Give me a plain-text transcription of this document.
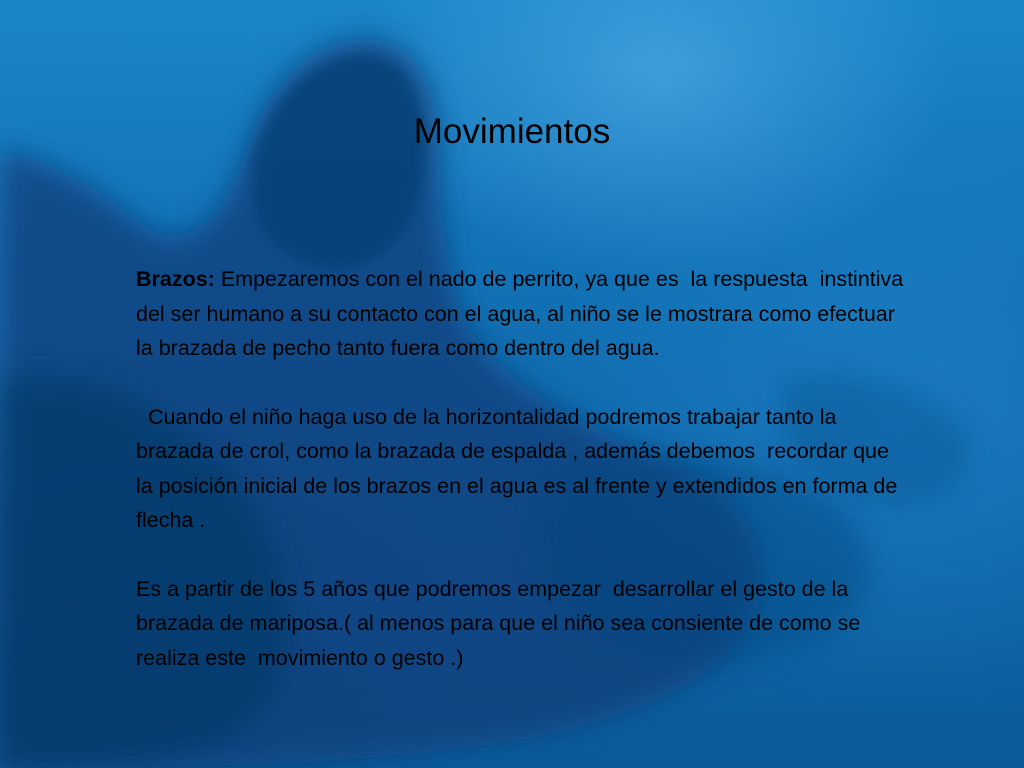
Movimientos

Brazos: Empezaremos con el nado de perrito, ya que es  la respuesta  instintiva del ser humano a su contacto con el agua, al niño se le mostrara como efectuar  la brazada de pecho tanto fuera como dentro del agua.

Cuando el niño haga uso de la horizontalidad podremos trabajar tanto la brazada de crol, como la brazada de espalda , además debemos  recordar que la posición inicial de los brazos en el agua es al frente y extendidos en forma de flecha .

Es a partir de los 5 años que podremos empezar  desarrollar el gesto de la brazada de mariposa.( al menos para que el niño sea consiente de como se realiza este  movimiento o gesto .)
